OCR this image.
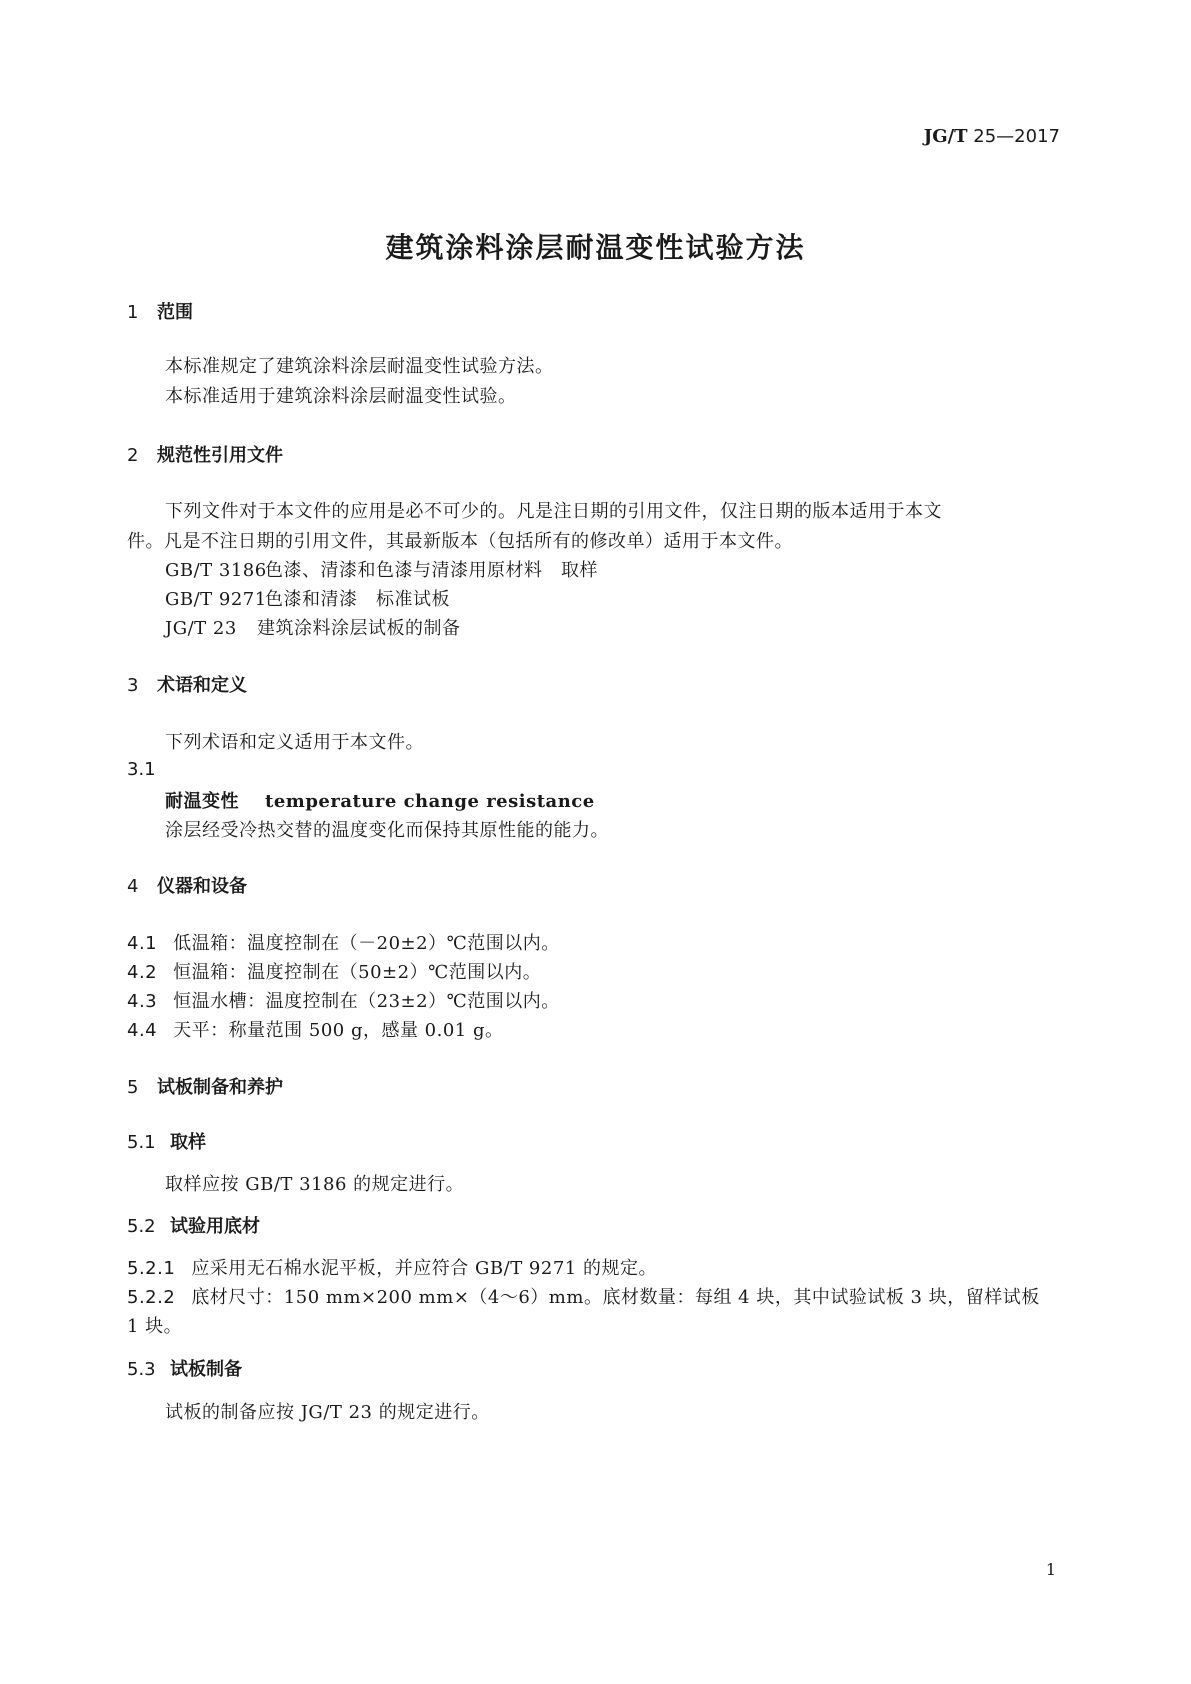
JG/T 25—2017
建筑涂料涂层耐温变性试验方法
1 范围
本标准规定了建筑涂料涂层耐温变性试验方法。
本标准适用于建筑涂料涂层耐温变性试验。
2 规范性引用文件
下列文件对于本文件的应用是必不可少的。凡是注日期的引用文件，仅注日期的版本适用于本文
件。凡是不注日期的引用文件，其最新版本（包括所有的修改单）适用于本文件。
GB/T 3186色漆、清漆和色漆与清漆用原材料　取样
GB/T 9271色漆和清漆　标准试板
JG/T 23 建筑涂料涂层试板的制备
3 术语和定义
下列术语和定义适用于本文件。
3.1
耐温变性 temperature change resistance
涂层经受冷热交替的温度变化而保持其原性能的能力。
4 仪器和设备
4.1 低温箱：温度控制在（－20±2）℃范围以内。
4.2 恒温箱：温度控制在（50±2）℃范围以内。
4.3 恒温水槽：温度控制在（23±2）℃范围以内。
4.4 天平：称量范围 500 g，感量 0.01 g。
5 试板制备和养护
5.1 取样
取样应按 GB/T 3186 的规定进行。
5.2 试验用底材
5.2.1 应采用无石棉水泥平板，并应符合 GB/T 9271 的规定。
5.2.2 底材尺寸：150 mm×200 mm×（4～6）mm。底材数量：每组 4 块，其中试验试板 3 块，留样试板
1 块。
5.3 试板制备
试板的制备应按 JG/T 23 的规定进行。
1
